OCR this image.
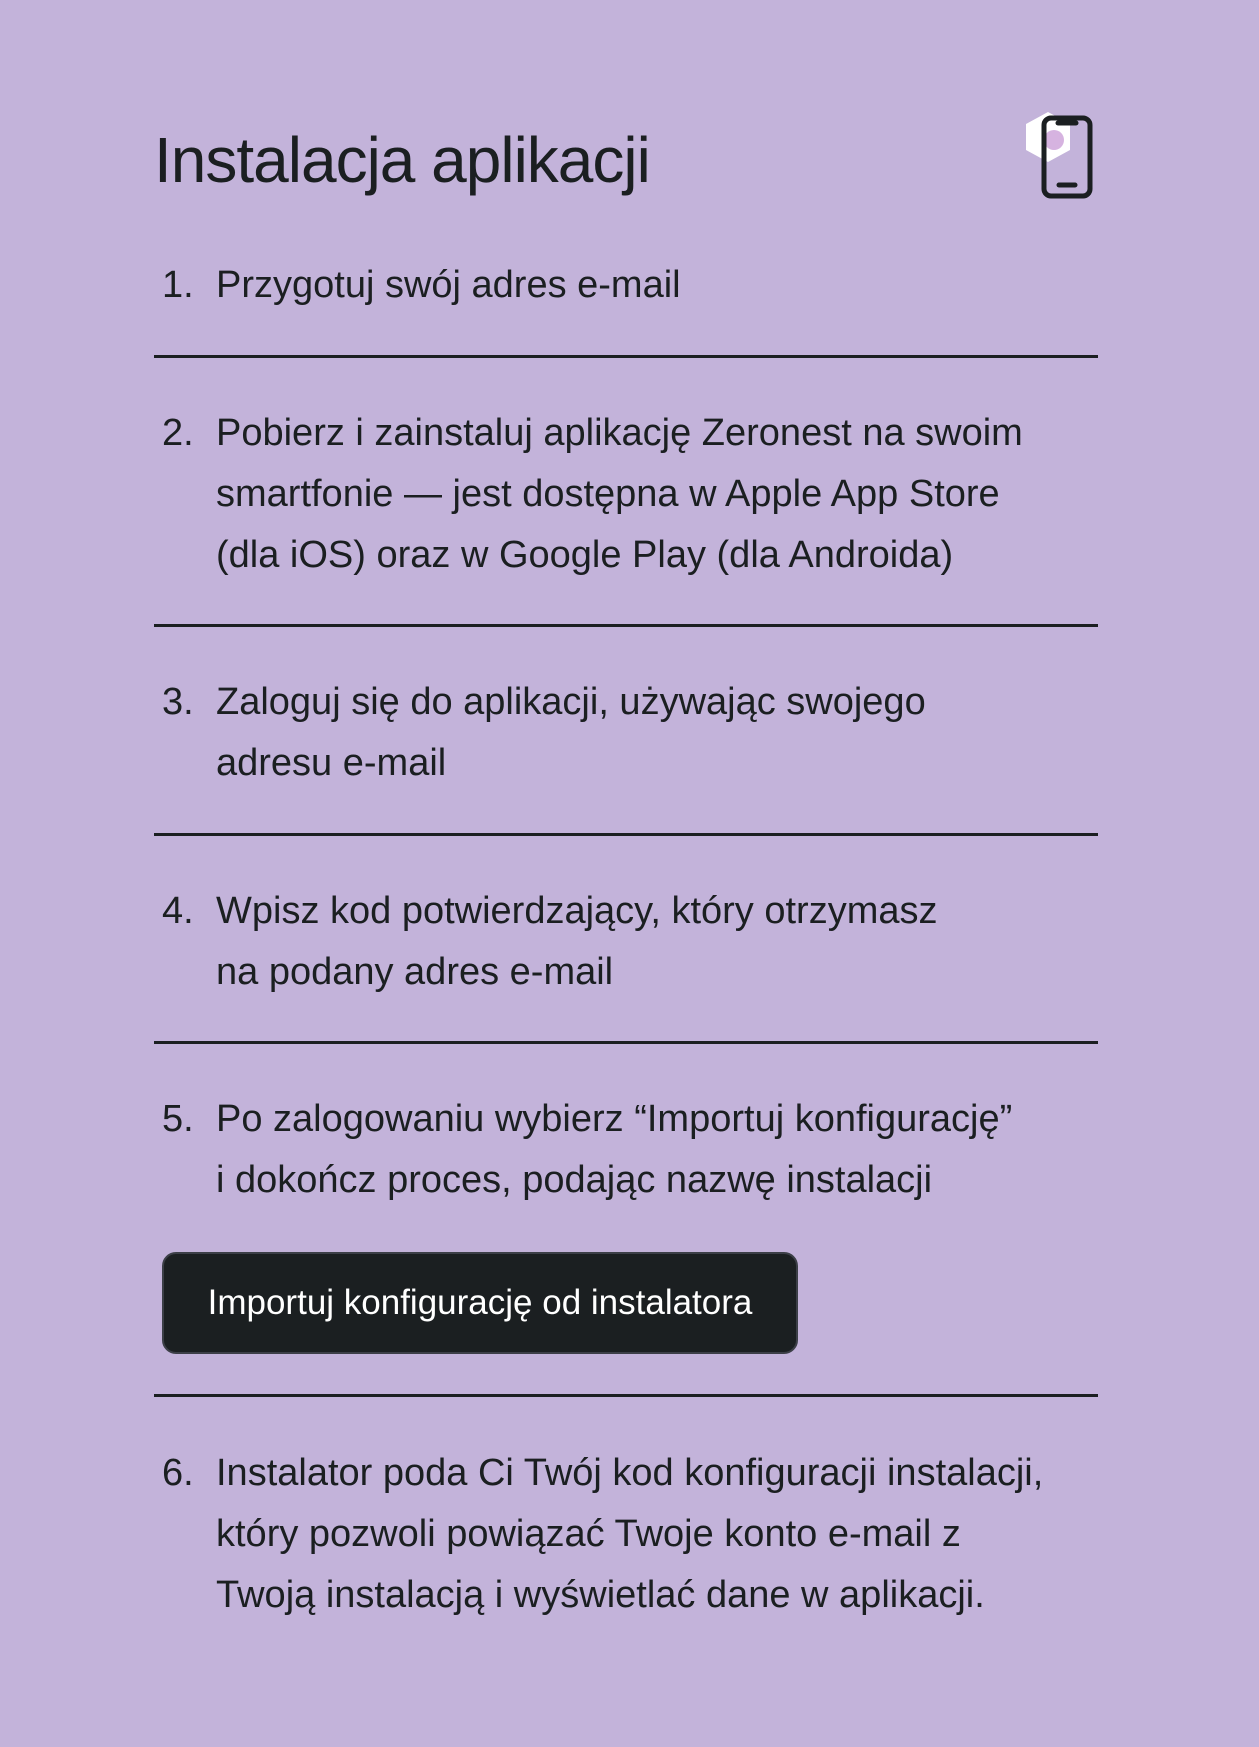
Instalacja aplikacji
1. Przygotuj swój adres e-mail
2. Pobierz i zainstaluj aplikację Zeronest na swoim
smartfonie — jest dostępna w Apple App Store
(dla iOS) oraz w Google Play (dla Androida)
3. Zaloguj się do aplikacji, używając swojego
adresu e-mail
4. Wpisz kod potwierdzający, który otrzymasz
na podany adres e-mail
5. Po zalogowaniu wybierz “Importuj konfigurację”
i dokończ proces, podając nazwę instalacji
Importuj konfigurację od instalatora
6. Instalator poda Ci Twój kod konfiguracji instalacji,
który pozwoli powiązać Twoje konto e-mail z
Twoją instalacją i wyświetlać dane w aplikacji.
